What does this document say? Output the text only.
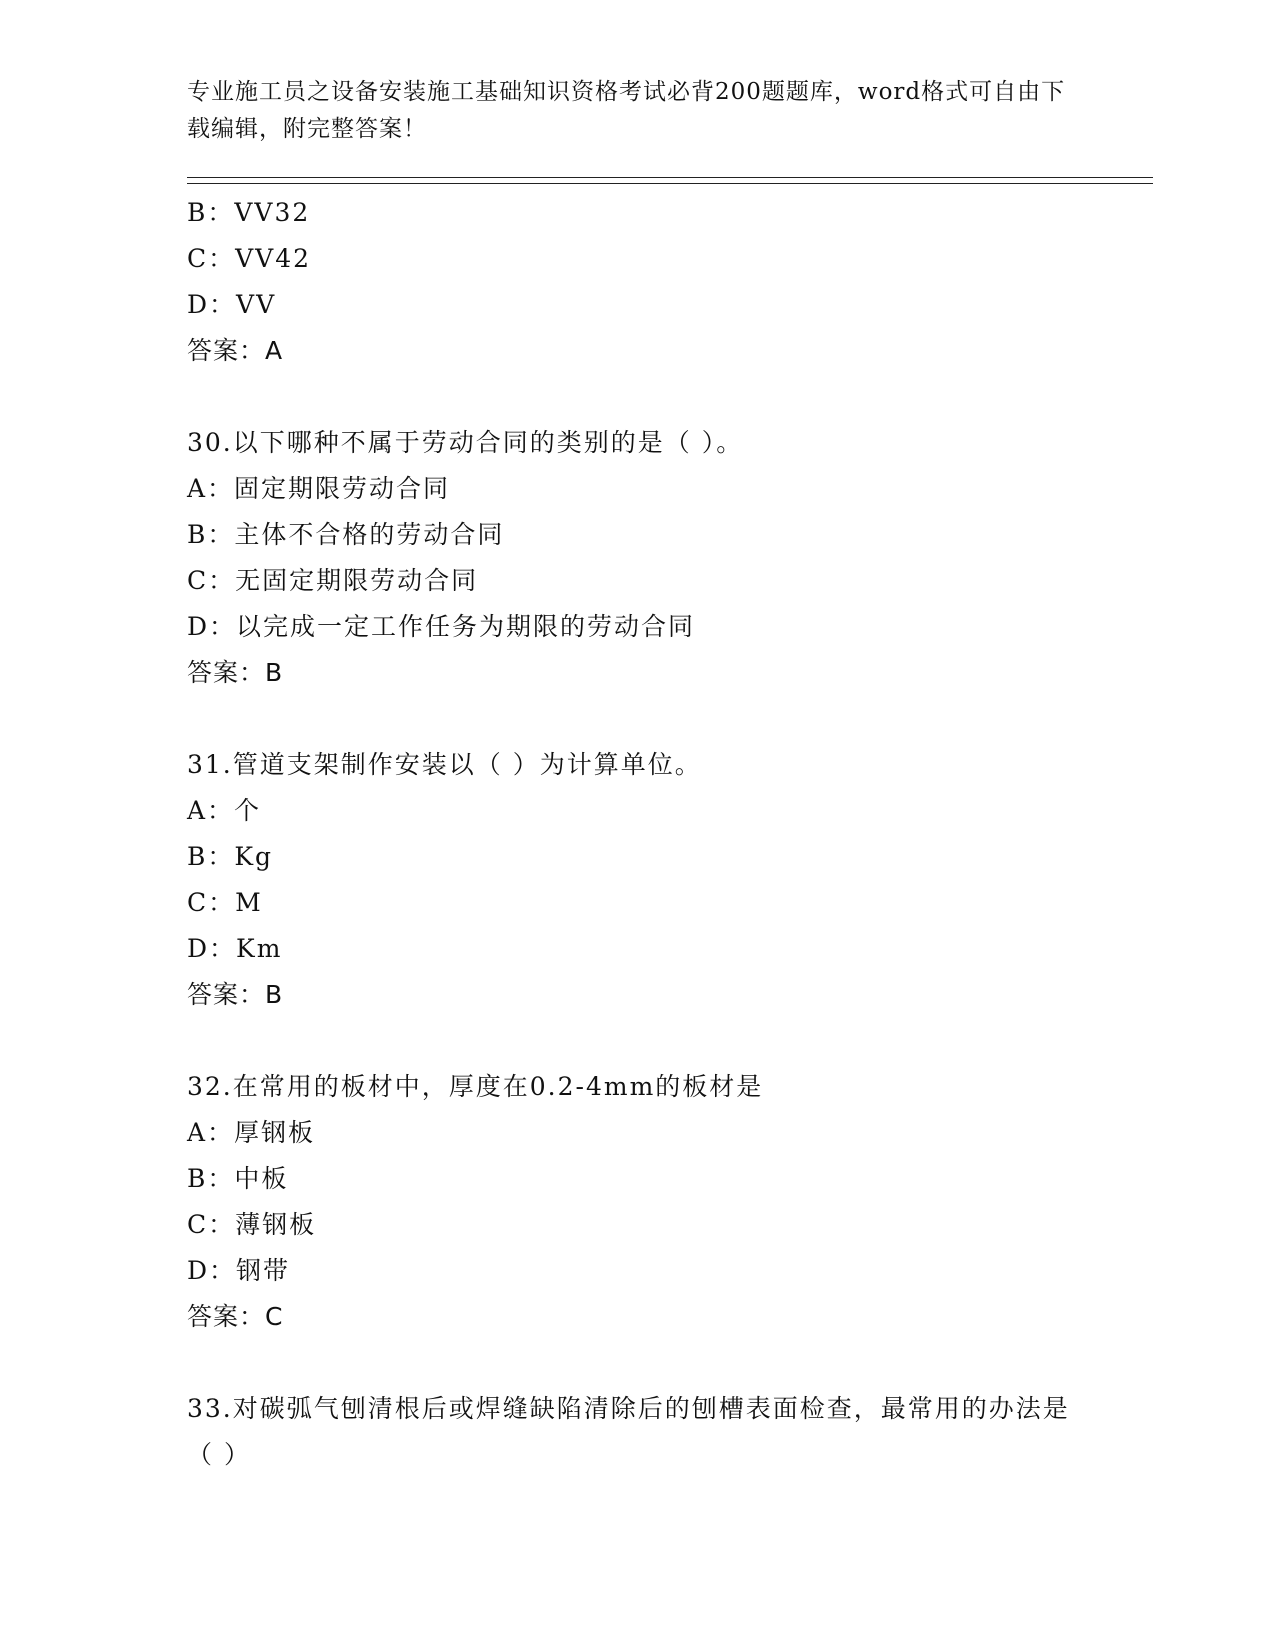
专业施工员之设备安装施工基础知识资格考试必背200题题库，word格式可自由下载编辑，附完整答案！
B：VV32
C：VV42
D：VV
答案：A
30.以下哪种不属于劳动合同的类别的是（ ）。
A：固定期限劳动合同
B：主体不合格的劳动合同
C：无固定期限劳动合同
D：以完成一定工作任务为期限的劳动合同
答案：B
31.管道支架制作安装以（ ）为计算单位。
A：个
B：Kg
C：M
D：Km
答案：B
32.在常用的板材中，厚度在0.2-4mm的板材是
A：厚钢板
B：中板
C：薄钢板
D：钢带
答案：C
33.对碳弧气刨清根后或焊缝缺陷清除后的刨槽表面检查，最常用的办法是（ ）
